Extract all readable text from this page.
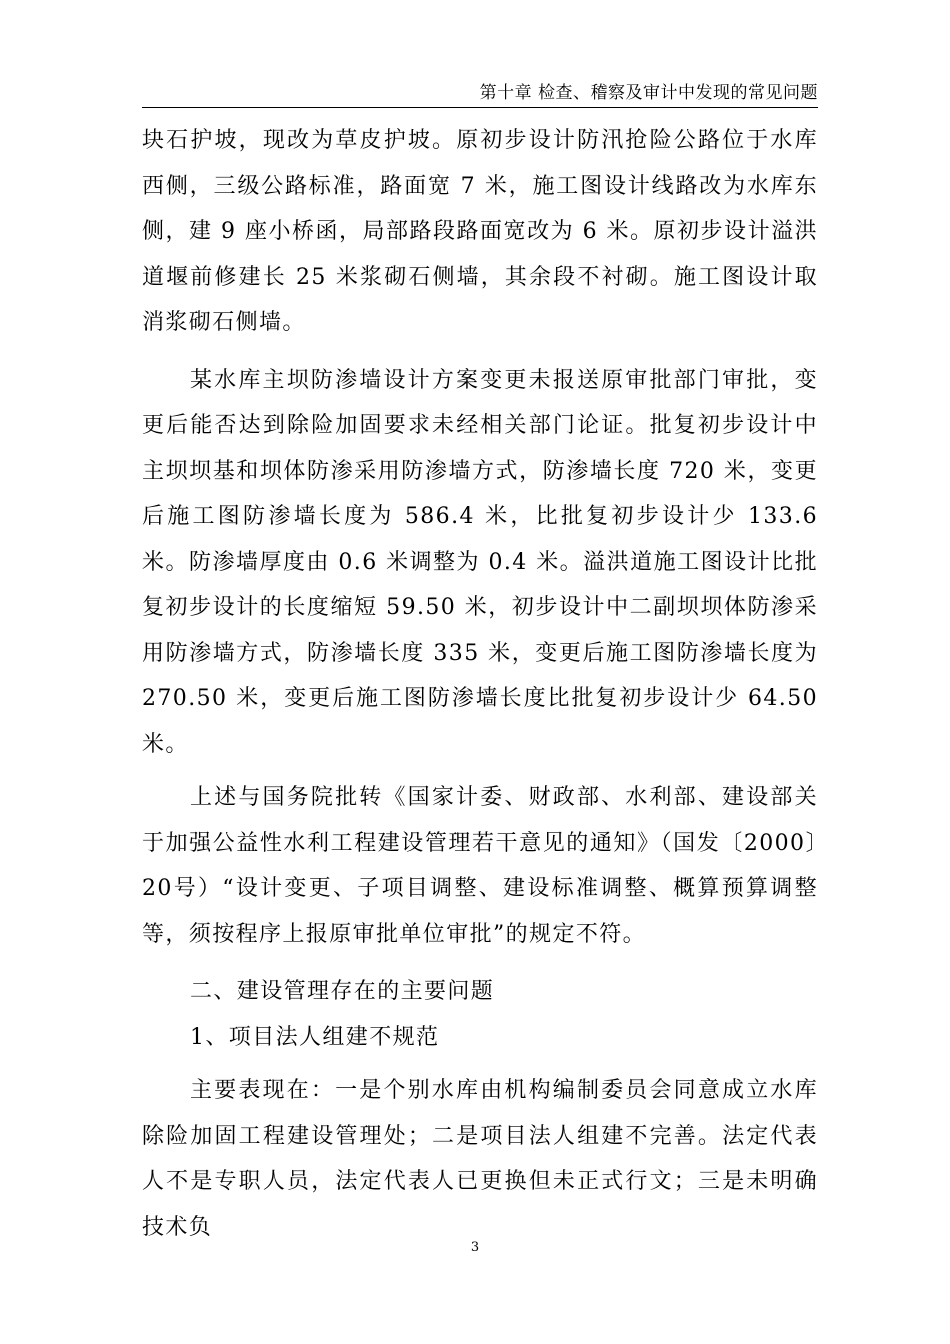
第十章 检查、稽察及审计中发现的常见问题

块石护坡，现改为草皮护坡。原初步设计防汛抢险公路位于水库西侧，三级公路标准，路面宽 7 米，施工图设计线路改为水库东侧，建 9 座小桥函，局部路段路面宽改为 6 米。原初步设计溢洪道堰前修建长 25 米浆砌石侧墙，其余段不衬砌。施工图设计取消浆砌石侧墙。

某水库主坝防渗墙设计方案变更未报送原审批部门审批，变更后能否达到除险加固要求未经相关部门论证。批复初步设计中主坝坝基和坝体防渗采用防渗墙方式，防渗墙长度 720 米，变更后施工图防渗墙长度为 586.4 米，比批复初步设计少 133.6 米。防渗墙厚度由 0.6 米调整为 0.4 米。溢洪道施工图设计比批复初步设计的长度缩短 59.50 米，初步设计中二副坝坝体防渗采用防渗墙方式，防渗墙长度 335 米，变更后施工图防渗墙长度为 270.50 米，变更后施工图防渗墙长度比批复初步设计少 64.50 米。

上述与国务院批转《国家计委、财政部、水利部、建设部关于加强公益性水利工程建设管理若干意见的通知》（国发〔2000〕20号）“设计变更、子项目调整、建设标准调整、概算预算调整等，须按程序上报原审批单位审批”的规定不符。

二、建设管理存在的主要问题

1、项目法人组建不规范

主要表现在：一是个别水库由机构编制委员会同意成立水库除险加固工程建设管理处；二是项目法人组建不完善。法定代表人不是专职人员，法定代表人已更换但未正式行文；三是未明确技术负

3
